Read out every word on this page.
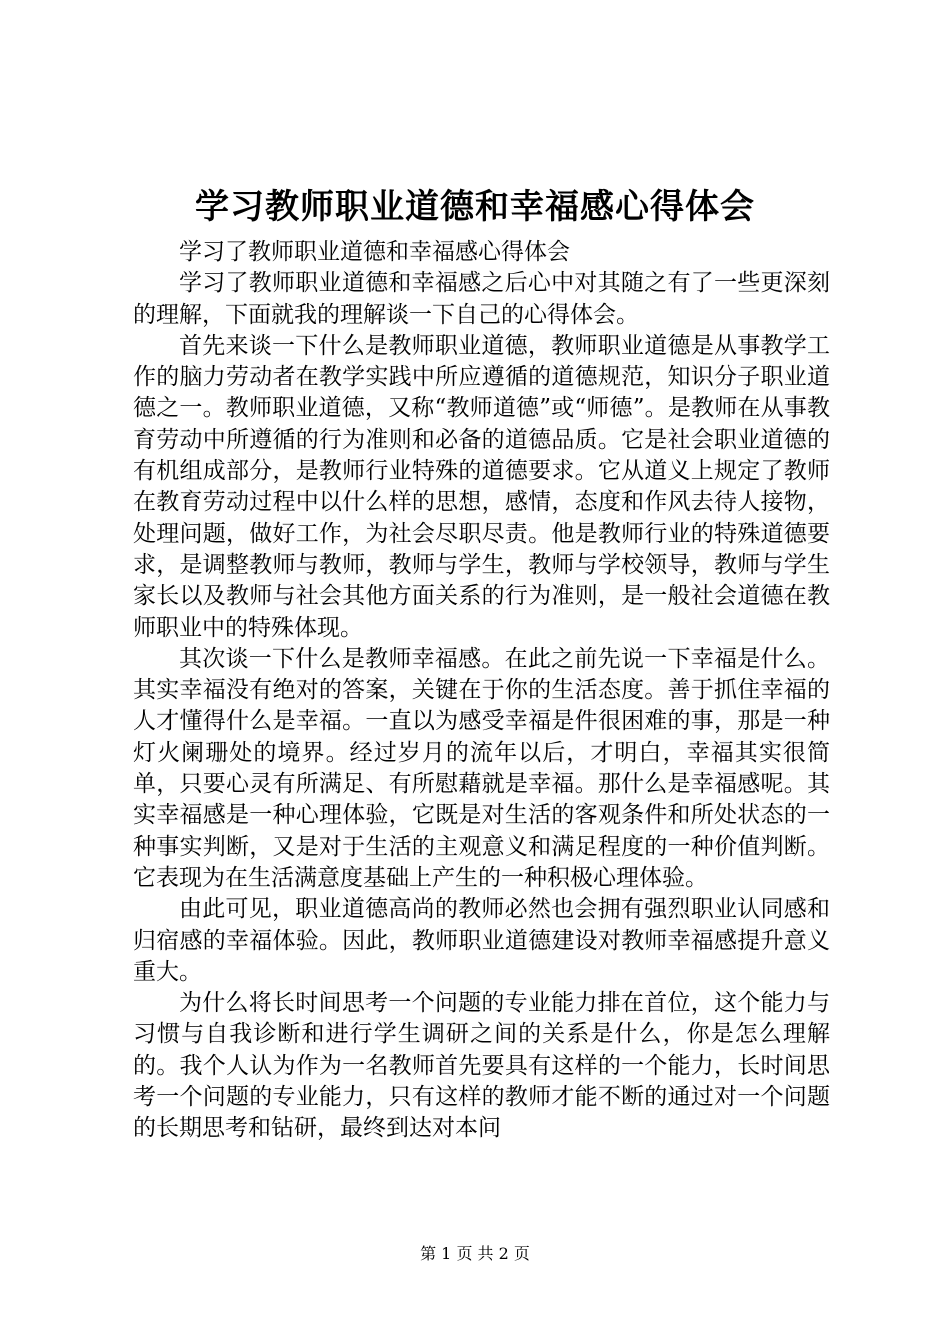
学习教师职业道德和幸福感心得体会

学习了教师职业道德和幸福感心得体会

学习了教师职业道德和幸福感之后心中对其随之有了一些更深刻的理解，下面就我的理解谈一下自己的心得体会。

首先来谈一下什么是教师职业道德，教师职业道德是从事教学工作的脑力劳动者在教学实践中所应遵循的道德规范，知识分子职业道德之一。教师职业道德，又称“教师道德”或“师德”。是教师在从事教育劳动中所遵循的行为准则和必备的道德品质。它是社会职业道德的有机组成部分，是教师行业特殊的道德要求。它从道义上规定了教师在教育劳动过程中以什么样的思想，感情，态度和作风去待人接物，处理问题，做好工作，为社会尽职尽责。他是教师行业的特殊道德要求，是调整教师与教师，教师与学生，教师与学校领导，教师与学生家长以及教师与社会其他方面关系的行为准则，是一般社会道德在教师职业中的特殊体现。

其次谈一下什么是教师幸福感。在此之前先说一下幸福是什么。其实幸福没有绝对的答案，关键在于你的生活态度。善于抓住幸福的人才懂得什么是幸福。一直以为感受幸福是件很困难的事，那是一种灯火阑珊处的境界。经过岁月的流年以后，才明白，幸福其实很简单，只要心灵有所满足、有所慰藉就是幸福。那什么是幸福感呢。其实幸福感是一种心理体验，它既是对生活的客观条件和所处状态的一种事实判断，又是对于生活的主观意义和满足程度的一种价值判断。它表现为在生活满意度基础上产生的一种积极心理体验。

由此可见，职业道德高尚的教师必然也会拥有强烈职业认同感和归宿感的幸福体验。因此，教师职业道德建设对教师幸福感提升意义重大。

为什么将长时间思考一个问题的专业能力排在首位，这个能力与习惯与自我诊断和进行学生调研之间的关系是什么，你是怎么理解的。我个人认为作为一名教师首先要具有这样的一个能力，长时间思考一个问题的专业能力，只有这样的教师才能不断的通过对一个问题的长期思考和钻研，最终到达对本问

第 1 页 共 2 页
